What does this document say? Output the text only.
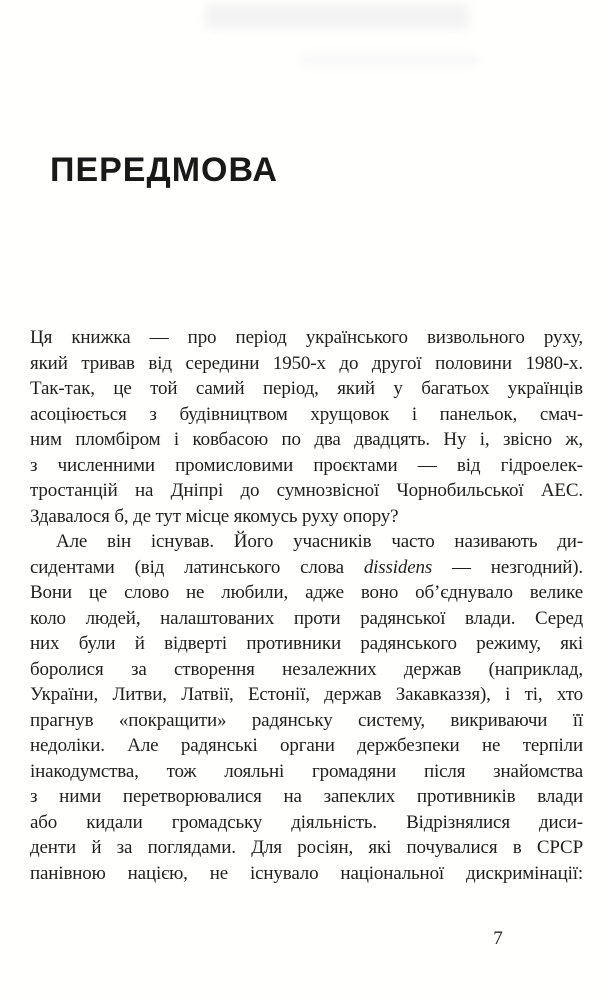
ПЕРЕДМОВА
Ця книжка — про період українського визвольного руху,
який тривав від середини 1950-х до другої половини 1980-х.
Так-так, це той самий період, який у багатьох українців
асоціюється з будівництвом хрущовок і панельок, смач-
ним пломбіром і ковбасою по два двадцять. Ну і, звісно ж,
з численними промисловими проєктами — від гідроелек-
тростанцій на Дніпрі до сумнозвісної Чорнобильської АЕС.
Здавалося б, де тут місце якомусь руху опору?
Але він існував. Його учасників часто називають ди-
сидентами (від латинського слова dissidens — незгодний).
Вони це слово не любили, адже воно об’єднувало велике
коло людей, налаштованих проти радянської влади. Серед
них були й відверті противники радянського режиму, які
боролися за створення незалежних держав (наприклад,
України, Литви, Латвії, Естонії, держав Закавказзя), і ті, хто
прагнув «покращити» радянську систему, викриваючи її
недоліки. Але радянські органи держбезпеки не терпіли
інакодумства, тож лояльні громадяни після знайомства
з ними перетворювалися на запеклих противників влади
або кидали громадську діяльність. Відрізнялися диси-
денти й за поглядами. Для росіян, які почувалися в СРСР
панівною нацією, не існувало національної дискримінації:
7
